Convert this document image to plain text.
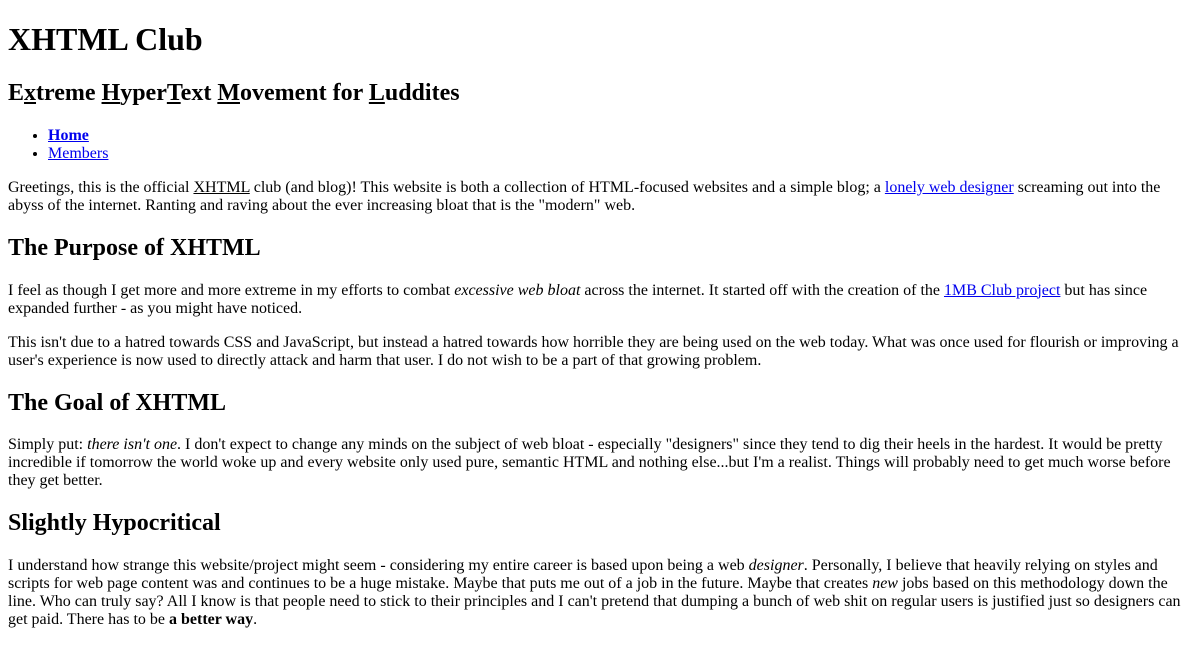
XHTML Club
Extreme HyperText Movement for Luddites
• Home
• Members

Greetings, this is the official XHTML club (and blog)! This website is both a collection of HTML-focused websites and a simple blog; a lonely web designer screaming out into the abyss of the internet. Ranting and raving about the ever increasing bloat that is the "modern" web.

The Purpose of XHTML

I feel as though I get more and more extreme in my efforts to combat excessive web bloat across the internet. It started off with the creation of the 1MB Club project but has since expanded further - as you might have noticed.

This isn't due to a hatred towards CSS and JavaScript, but instead a hatred towards how horrible they are being used on the web today. What was once used for flourish or improving a user's experience is now used to directly attack and harm that user. I do not wish to be a part of that growing problem.

The Goal of XHTML

Simply put: there isn't one. I don't expect to change any minds on the subject of web bloat - especially "designers" since they tend to dig their heels in the hardest. It would be pretty incredible if tomorrow the world woke up and every website only used pure, semantic HTML and nothing else...but I'm a realist. Things will probably need to get much worse before they get better.

Slightly Hypocritical

I understand how strange this website/project might seem - considering my entire career is based upon being a web designer. Personally, I believe that heavily relying on styles and scripts for web page content was and continues to be a huge mistake. Maybe that puts me out of a job in the future. Maybe that creates new jobs based on this methodology down the line. Who can truly say? All I know is that people need to stick to their principles and I can't pretend that dumping a bunch of web shit on regular users is justified just so designers can get paid. There has to be a better way.
